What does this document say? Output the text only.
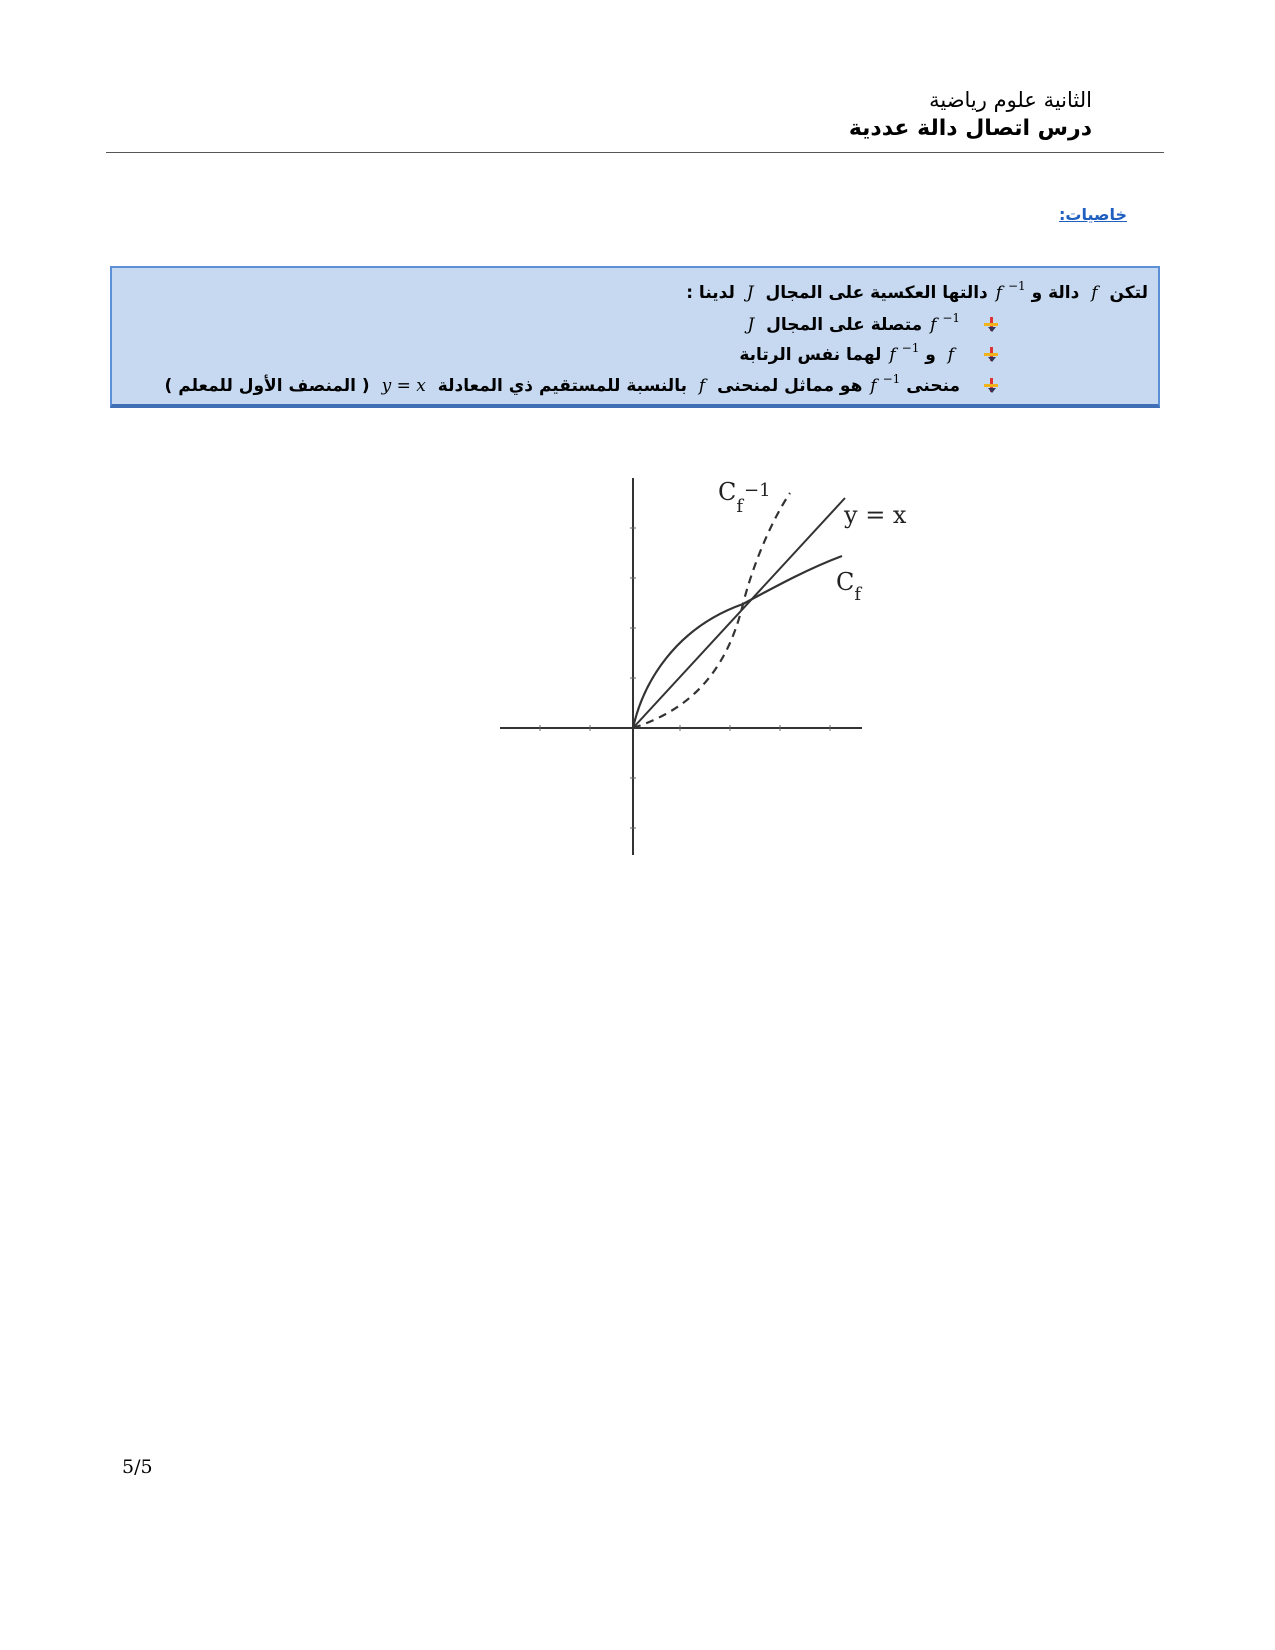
الثانية علوم رياضية
درس اتصال دالة عددية
خاصيات:
لتكن f دالة و f $^{-1}$ دالتها العكسية على المجال J لدينا :
f $^{-1}$ متصلة على المجال J
f و f $^{-1}$ لهما نفس الرتابة
منحنى f $^{-1}$ هو مماثل لمنحنى f بالنسبة للمستقيم ذي المعادلة y = x ( المنصف الأول للمعلم )
$C_f^{-1}$
y = x
$C_f$
5/5
